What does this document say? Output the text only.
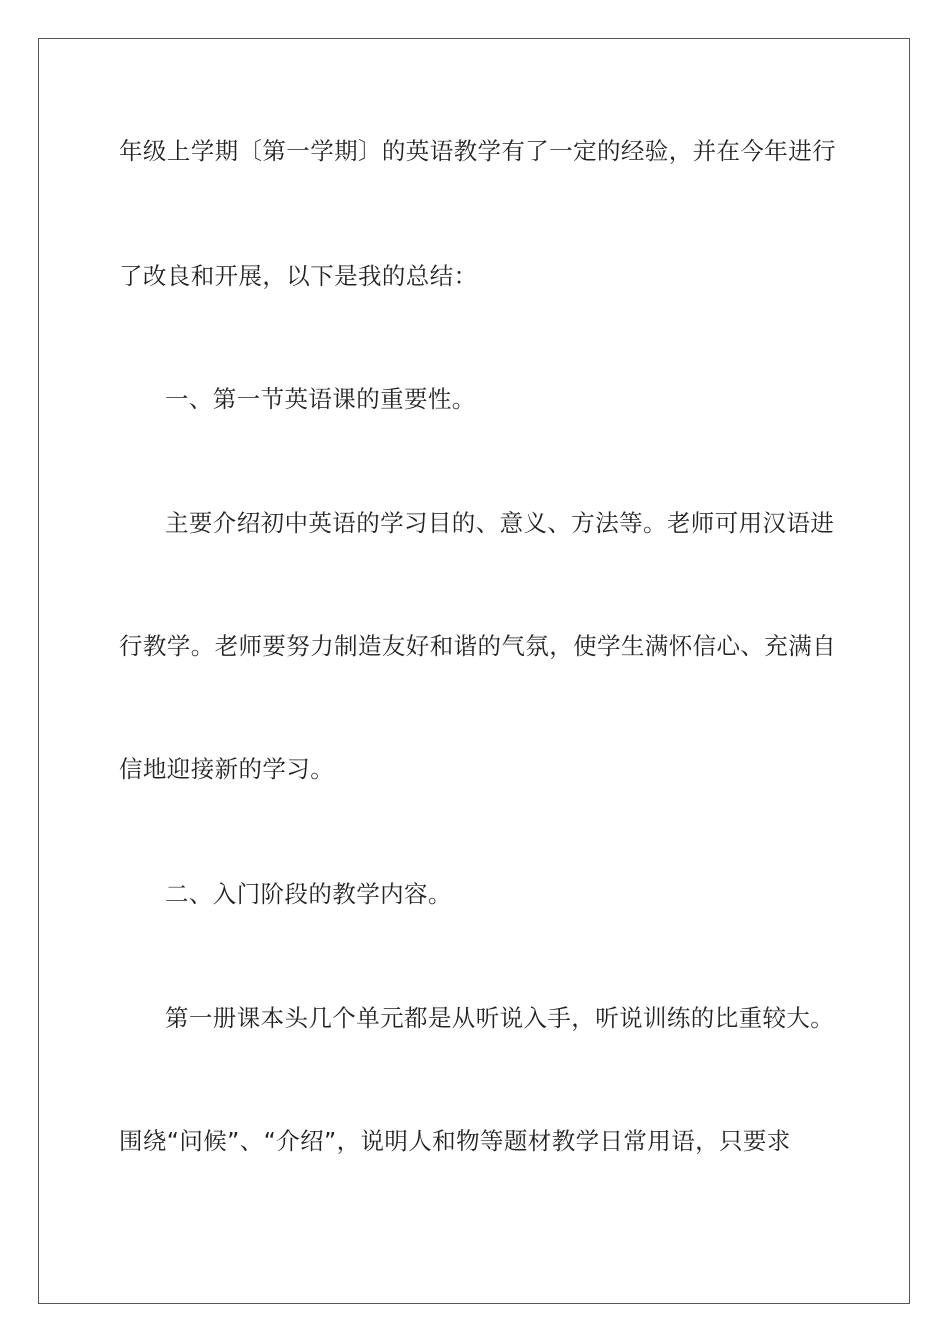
年级上学期〔第一学期〕的英语教学有了一定的经验，并在今年进行
了改良和开展，以下是我的总结：
一、第一节英语课的重要性。
主要介绍初中英语的学习目的、意义、方法等。老师可用汉语进
行教学。老师要努力制造友好和谐的气氛，使学生满怀信心、充满自
信地迎接新的学习。
二、入门阶段的教学内容。
第一册课本头几个单元都是从听说入手，听说训练的比重较大。
围绕“问候”、“介绍”，说明人和物等题材教学日常用语，只要求
